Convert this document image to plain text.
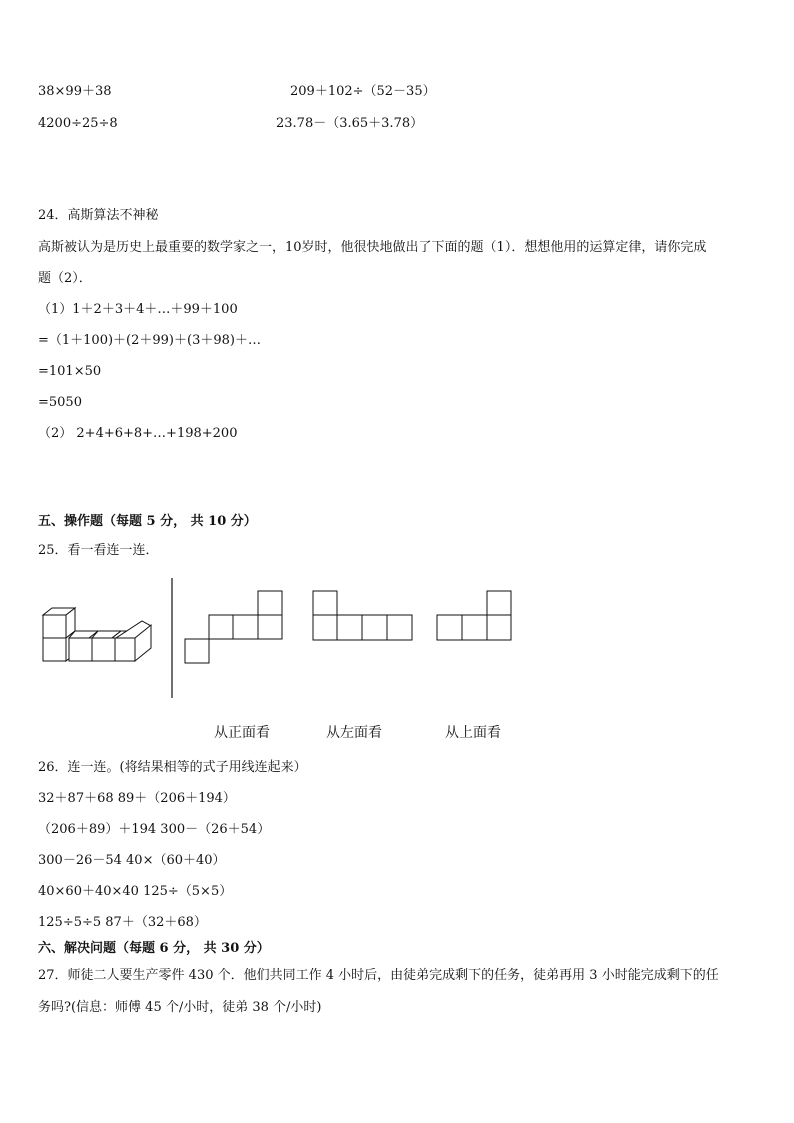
38×99＋38	209＋102÷（52－35）
4200÷25÷8	23.78－（3.65＋3.78）
24．高斯算法不神秘
高斯被认为是历史上最重要的数学家之一，10岁时，他很快地做出了下面的题（1）．想想他用的运算定律，请你完成
题（2）．
（1）1＋2＋3＋4＋…＋99＋100
=（1＋100)＋(2＋99)＋(3＋98)＋…
=101×50
=5050
（2） 2+4+6+8+…+198+200
五、操作题（每题 5 分， 共 10 分）
25．看一看连一连．
从正面看	从左面看	从上面看
26．连一连。(将结果相等的式子用线连起来）
32＋87＋68 89＋（206＋194）
（206＋89）＋194 300－（26＋54）
300－26－54 40×（60＋40）
40×60＋40×40 125÷（5×5）
125÷5÷5 87＋（32＋68）
六、解决问题（每题 6 分， 共 30 分）
27．师徒二人要生产零件 430 个．他们共同工作 4 小时后，由徒弟完成剩下的任务，徒弟再用 3 小时能完成剩下的任
务吗?(信息：师傅 45 个/小时，徒弟 38 个/小时)
